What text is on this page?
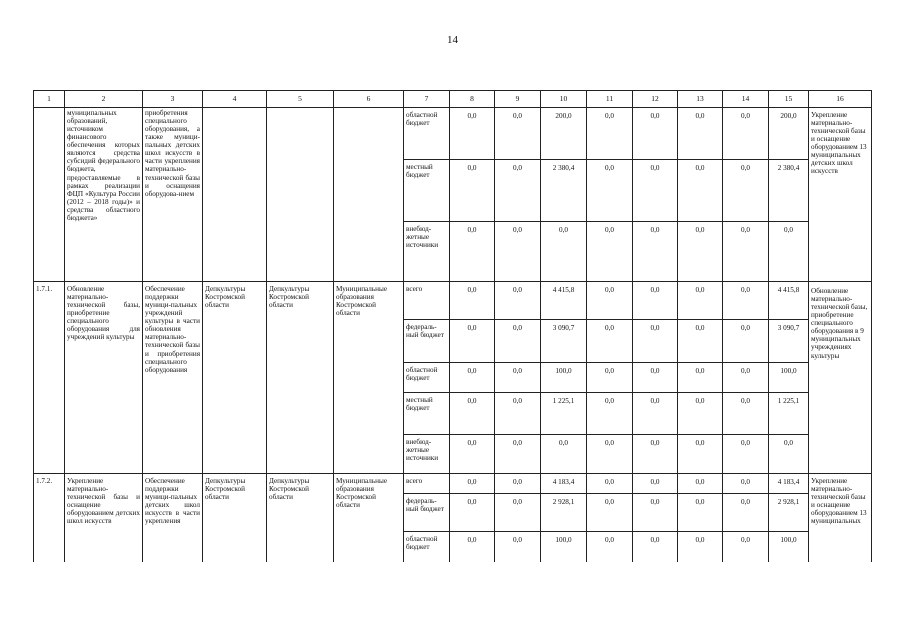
14
1	2	3	4	5	6	7	8	9	10	11	12	13	14	15	16
	муниципальных образований, источником финансового обеспечения которых являются средства субсидий федерального бюджета, предоставляемые в рамках реализации ФЦП «Культура России (2012 – 2018 годы)» и средства областного бюджета»	приобретения специального оборудования, а также муници-пальных детских школ искусств в части укрепления материально-технической базы и оснащения оборудова-нием				областной бюджет	0,0	0,0	200,0	0,0	0,0	0,0	0,0	200,0	Укрепление материально-технической базы и оснащение оборудованием 13 муниципальных детских школ искусств
						местный бюджет	0,0	0,0	2 380,4	0,0	0,0	0,0	0,0	2 380,4	
						внебюд-жетные источники	0,0	0,0	0,0	0,0	0,0	0,0	0,0	0,0	
1.7.1.	Обновление материально-технической базы, приобретение специального оборудования для учреждений культуры	Обеспечение поддержки муници-пальных учреждений культуры в части обновления материально-технической базы и приобретения специального оборудования	Депкультуры Костромской области	Депкультуры Костромской области	Муниципальные образования Костромской области	всего	0,0	0,0	4 415,8	0,0	0,0	0,0	0,0	4 415,8	Обновление материально-технической базы, приобретение специального оборудования в 9 муниципальных учреждениях культуры
						федераль-ный бюджет	0,0	0,0	3 090,7	0,0	0,0	0,0	0,0	3 090,7	
						областной бюджет	0,0	0,0	100,0	0,0	0,0	0,0	0,0	100,0	
						местный бюджет	0,0	0,0	1 225,1	0,0	0,0	0,0	0,0	1 225,1	
						внебюд-жетные источники	0,0	0,0	0,0	0,0	0,0	0,0	0,0	0,0	
1.7.2.	Укрепление материально-технической базы и оснащение оборудованием детских школ искусств	Обеспечение поддержки муници-пальных детских школ искусств в части укрепления	Депкультуры Костромской области	Депкультуры Костромской области	Муниципальные образования Костромской области	всего	0,0	0,0	4 183,4	0,0	0,0	0,0	0,0	4 183,4	Укрепление материально-технической базы и оснащение оборудованием 13 муниципальных
						федераль-ный бюджет	0,0	0,0	2 928,1	0,0	0,0	0,0	0,0	2 928,1	
						областной бюджет	0,0	0,0	100,0	0,0	0,0	0,0	0,0	100,0	
